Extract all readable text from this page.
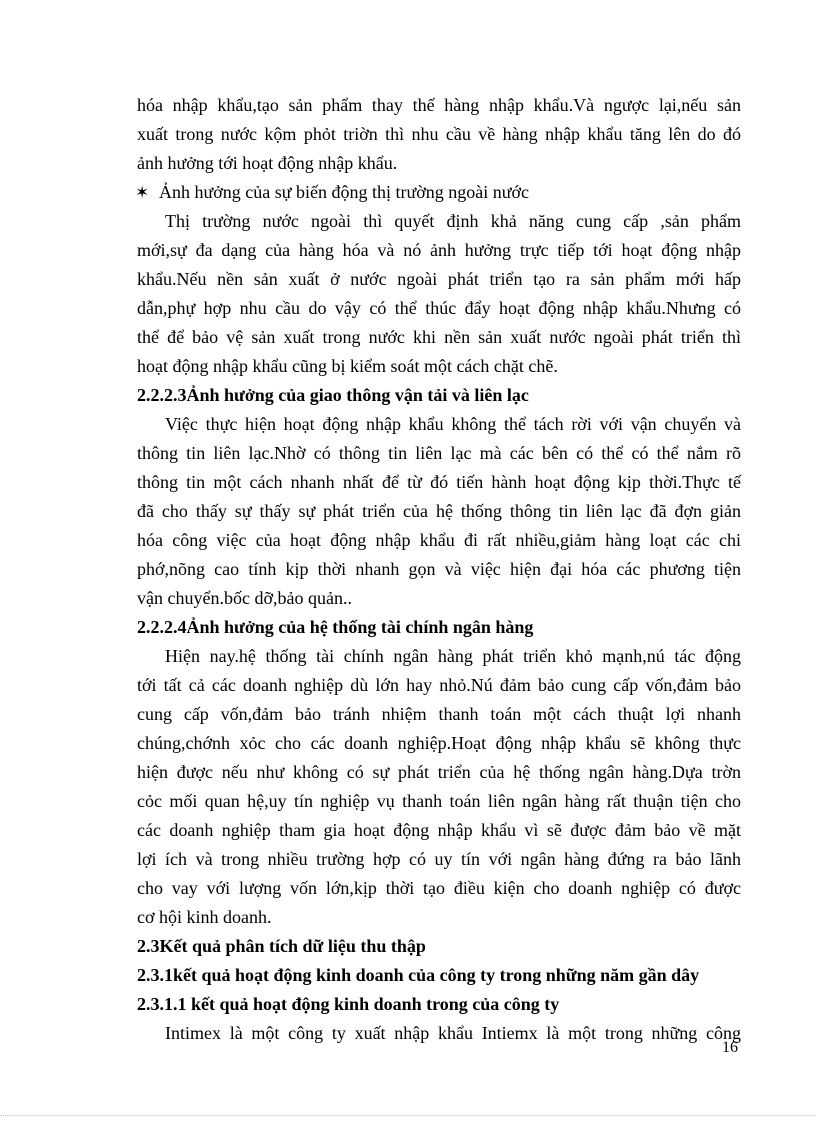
hóa nhập khẩu,tạo sản phẩm thay thế hàng nhập khẩu.Và ngược lại,nếu sản
xuất trong nước kộm phỏt triờn thì nhu cầu về hàng nhập khẩu tăng lên do đó
ảnh hưởng tới hoạt động nhập khẩu.
✶ Ảnh hưởng của sự biến động thị trường ngoài nước
Thị trường nước ngoài thì quyết định khả năng cung cấp ,sản phẩm
mới,sự đa dạng của hàng hóa và nó ảnh hưởng trực tiếp tới hoạt động nhập
khẩu.Nếu nền sản xuất ở nước ngoài phát triển tạo ra sản phẩm mới hấp
dẫn,phự hợp nhu cầu do vậy có thể thúc đẩy hoạt động nhập khẩu.Nhưng có
thể để bảo vệ sản xuất trong nước khi nền sản xuất nước ngoài phát triển thì
hoạt động nhập khẩu cũng bị kiểm soát một cách chặt chẽ.
2.2.2.3Ảnh hưởng của giao thông vận tải và liên lạc
Việc thực hiện hoạt động nhập khẩu không thể tách rời với vận chuyển và
thông tin liên lạc.Nhờ có thông tin liên lạc mà các bên có thể có thể nắm rõ
thông tin một cách nhanh nhất để từ đó tiến hành hoạt động kịp thời.Thực tế
đã cho thấy sự thấy sự phát triển của hệ thống thông tin liên lạc đã đợn giản
hóa công việc của hoạt động nhập khẩu đi rất nhiều,giảm hàng loạt các chi
phớ,nõng cao tính kịp thời nhanh gọn và việc hiện đại hóa các phương tiện
vận chuyển.bốc dỡ,bảo quản..
2.2.2.4Ảnh hưởng của hệ thống tài chính ngân hàng
Hiện nay.hệ thống tài chính ngân hàng phát triển khỏ mạnh,nú tác động
tới tất cả các doanh nghiệp dù lớn hay nhỏ.Nú đảm bảo cung cấp vốn,đảm bảo
cung cấp vốn,đảm bảo tránh nhiệm thanh toán một cách thuật lợi nhanh
chúng,chớnh xỏc cho các doanh nghiệp.Hoạt động nhập khẩu sẽ không thực
hiện được nếu như không có sự phát triển của hệ thống ngân hàng.Dựa trờn
cỏc mối quan hệ,uy tín nghiệp vụ thanh toán liên ngân hàng rất thuận tiện cho
các doanh nghiệp tham gia hoạt động nhập khẩu vì sẽ được đảm bảo về mặt
lợi ích và trong nhiều trường hợp có uy tín với ngân hàng đứng ra bảo lãnh
cho vay với lượng vốn lớn,kịp thời tạo điều kiện cho doanh nghiệp có được
cơ hội kinh doanh.
2.3Kết quả phân tích dữ liệu thu thập
2.3.1kết quả hoạt động kinh doanh của công ty trong những năm gần dây
2.3.1.1 kết quả hoạt động kinh doanh trong của công ty
Intimex là một công ty xuất nhập khẩu Intiemx là một trong những công
16
